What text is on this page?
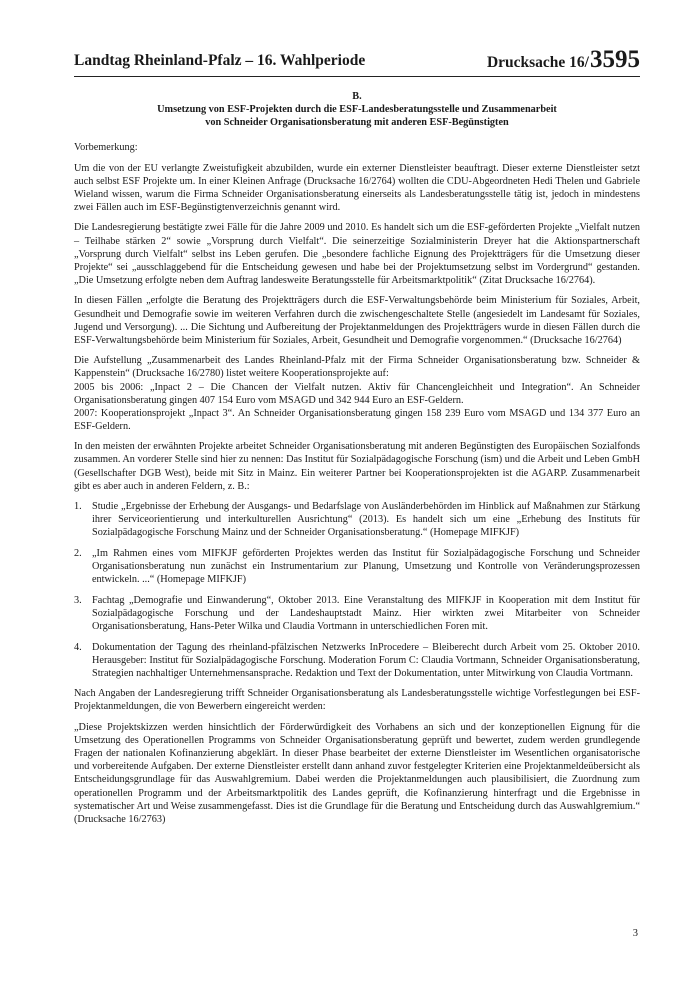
Landtag Rheinland-Pfalz – 16. Wahlperiode	Drucksache 16/3595
B.
Umsetzung von ESF-Projekten durch die ESF-Landesberatungsstelle und Zusammenarbeit
von Schneider Organisationsberatung mit anderen ESF-Begünstigten

Vorbemerkung:

Um die von der EU verlangte Zweistufigkeit abzubilden, wurde ein externer Dienstleister beauftragt. Dieser externe Dienstleister setzt auch selbst ESF Projekte um. In einer Kleinen Anfrage (Drucksache 16/2764) wollten die CDU-Abgeordneten Hedi Thelen und Gabriele Wieland wissen, warum die Firma Schneider Organisationsberatung einerseits als Landesberatungsstelle tätig ist, jedoch in mindestens zwei Fällen auch im ESF-Begünstigtenverzeichnis genannt wird.

Die Landesregierung bestätigte zwei Fälle für die Jahre 2009 und 2010. Es handelt sich um die ESF-geförderten Projekte „Vielfalt nutzen – Teilhabe stärken 2“ sowie „Vorsprung durch Vielfalt“. Die seinerzeitige Sozialministerin Dreyer hat die Aktionspartnerschaft „Vorsprung durch Vielfalt“ selbst ins Leben gerufen. Die „besondere fachliche Eignung des Projektträgers für die Umsetzung dieser Projekte“ sei „ausschlaggebend für die Entscheidung gewesen und habe bei der Projektumsetzung selbst im Vordergrund“ gestanden. „Die Umsetzung erfolgte neben dem Auftrag landesweite Beratungsstelle für Arbeitsmarktpolitik“ (Zitat Drucksache 16/2764).

In diesen Fällen „erfolgte die Beratung des Projektträgers durch die ESF-Verwaltungsbehörde beim Ministerium für Soziales, Arbeit, Gesundheit und Demografie sowie im weiteren Verfahren durch die zwischengeschaltete Stelle (angesiedelt im Landesamt für Soziales, Jugend und Versorgung). ... Die Sichtung und Aufbereitung der Projektanmeldungen des Projektträgers wurde in diesen Fällen durch die ESF-Verwaltungsbehörde beim Ministerium für Soziales, Arbeit, Gesundheit und Demografie vorgenommen.“ (Drucksache 16/2764)

Die Aufstellung „Zusammenarbeit des Landes Rheinland-Pfalz mit der Firma Schneider Organisationsberatung bzw. Schneider & Kappenstein“ (Drucksache 16/2780) listet weitere Kooperationsprojekte auf:
2005 bis 2006: „Inpact 2 – Die Chancen der Vielfalt nutzen. Aktiv für Chancengleichheit und Integration“. An Schneider Organisationsberatung gingen 407 154 Euro vom MSAGD und 342 944 Euro an ESF-Geldern.
2007: Kooperationsprojekt „Inpact 3“. An Schneider Organisationsberatung gingen 158 239 Euro vom MSAGD und 134 377 Euro an ESF-Geldern.

In den meisten der erwähnten Projekte arbeitet Schneider Organisationsberatung mit anderen Begünstigten des Europäischen Sozialfonds zusammen. An vorderer Stelle sind hier zu nennen: Das Institut für Sozialpädagogische Forschung (ism) und die Arbeit und Leben GmbH (Gesellschafter DGB West), beide mit Sitz in Mainz. Ein weiterer Partner bei Kooperationsprojekten ist die AGARP. Zusammenarbeit gibt es aber auch in anderen Feldern, z. B.:

1. Studie „Ergebnisse der Erhebung der Ausgangs- und Bedarfslage von Ausländerbehörden im Hinblick auf Maßnahmen zur Stärkung ihrer Serviceorientierung und interkulturellen Ausrichtung“ (2013). Es handelt sich um eine „Erhebung des Instituts für Sozialpädagogische Forschung Mainz und der Schneider Organisationsberatung.“ (Homepage MIFKJF)
2. „Im Rahmen eines vom MIFKJF geförderten Projektes werden das Institut für Sozialpädagogische Forschung und Schneider Organisationsberatung nun zunächst ein Instrumentarium zur Planung, Umsetzung und Kontrolle von Veränderungsprozessen entwickeln. ...“ (Homepage MIFKJF)
3. Fachtag „Demografie und Einwanderung“, Oktober 2013. Eine Veranstaltung des MIFKJF in Kooperation mit dem Institut für Sozialpädagogische Forschung und der Landeshauptstadt Mainz. Hier wirkten zwei Mitarbeiter von Schneider Organisationsberatung, Hans-Peter Wilka und Claudia Vortmann in unterschiedlichen Foren mit.
4. Dokumentation der Tagung des rheinland-pfälzischen Netzwerks InProcedere – Bleiberecht durch Arbeit vom 25. Oktober 2010. Herausgeber: Institut für Sozialpädagogische Forschung. Moderation Forum C: Claudia Vortmann, Schneider Organisationsberatung, Strategien nachhaltiger Unternehmensansprache. Redaktion und Text der Dokumentation, unter Mitwirkung von Claudia Vortmann.

Nach Angaben der Landesregierung trifft Schneider Organisationsberatung als Landesberatungsstelle wichtige Vorfestlegungen bei ESF-Projektanmeldungen, die von Bewerbern eingereicht werden:

„Diese Projektskizzen werden hinsichtlich der Förderwürdigkeit des Vorhabens an sich und der konzeptionellen Eignung für die Umsetzung des Operationellen Programms von Schneider Organisationsberatung geprüft und bewertet, zudem werden grundlegende Fragen der nationalen Kofinanzierung abgeklärt. In dieser Phase bearbeitet der externe Dienstleister im Wesentlichen organisatorische und vorbereitende Aufgaben. Der externe Dienstleister erstellt dann anhand zuvor festgelegter Kriterien eine Projektanmeldeübersicht als Entscheidungsgrundlage für das Auswahlgremium. Dabei werden die Projektanmeldungen auch plausibilisiert, die Zuordnung zum operationellen Programm und der Arbeitsmarktpolitik des Landes geprüft, die Kofinanzierung hinterfragt und die Ergebnisse in systematischer Art und Weise zusammengefasst. Dies ist die Grundlage für die Beratung und Entscheidung durch das Auswahlgremium.“ (Drucksache 16/2763)

3
